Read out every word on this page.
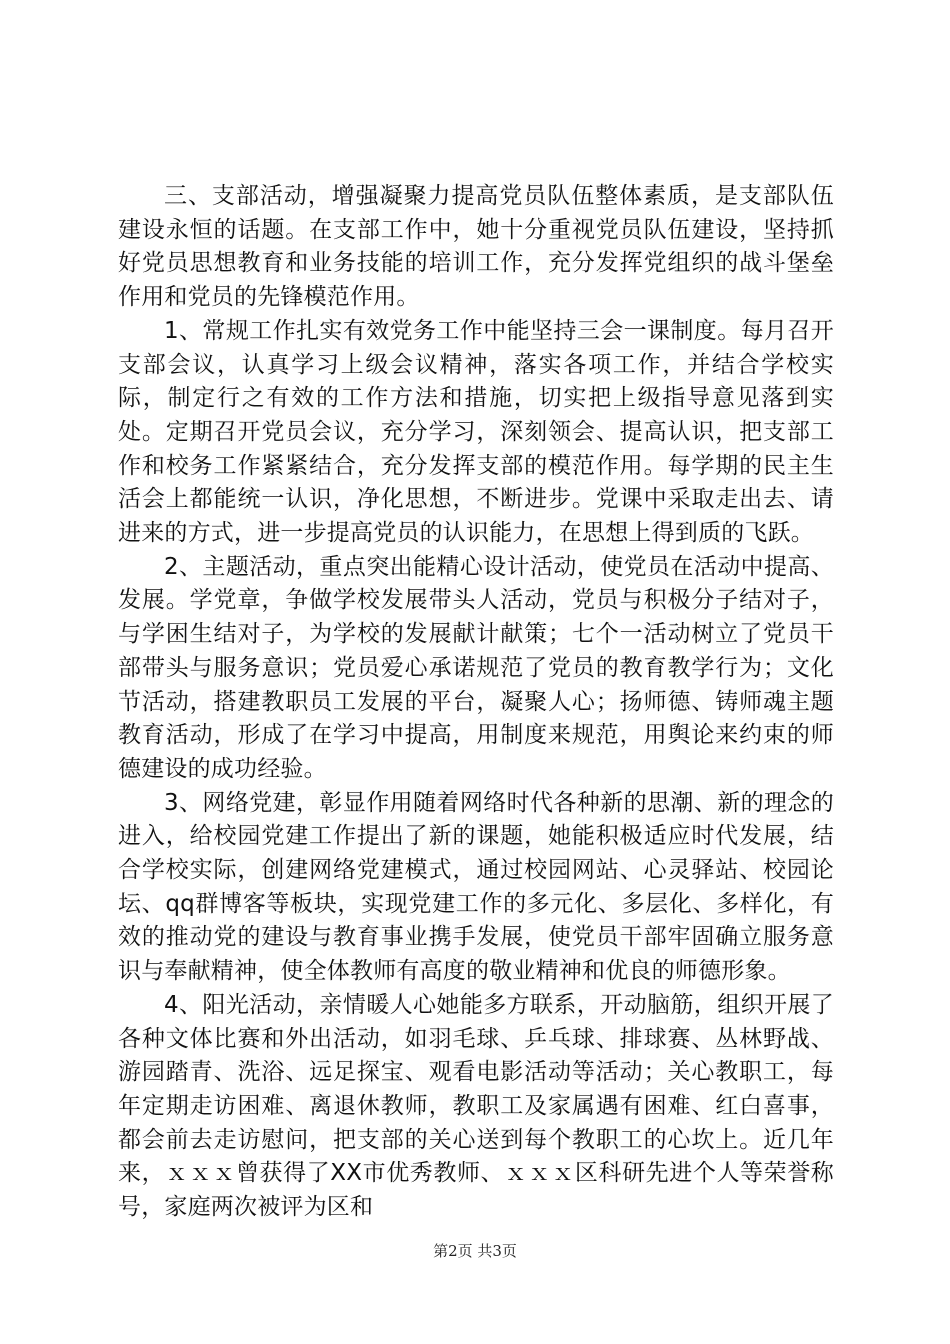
三、支部活动，增强凝聚力提高党员队伍整体素质，是支部队伍建设永恒的话题。在支部工作中，她十分重视党员队伍建设，坚持抓好党员思想教育和业务技能的培训工作，充分发挥党组织的战斗堡垒作用和党员的先锋模范作用。

1、常规工作扎实有效党务工作中能坚持三会一课制度。每月召开支部会议，认真学习上级会议精神，落实各项工作，并结合学校实际，制定行之有效的工作方法和措施，切实把上级指导意见落到实处。定期召开党员会议，充分学习，深刻领会、提高认识，把支部工作和校务工作紧紧结合，充分发挥支部的模范作用。每学期的民主生活会上都能统一认识，净化思想，不断进步。党课中采取走出去、请进来的方式，进一步提高党员的认识能力，在思想上得到质的飞跃。

2、主题活动，重点突出能精心设计活动，使党员在活动中提高、发展。学党章，争做学校发展带头人活动，党员与积极分子结对子，与学困生结对子，为学校的发展献计献策；七个一活动树立了党员干部带头与服务意识；党员爱心承诺规范了党员的教育教学行为；文化节活动，搭建教职员工发展的平台，凝聚人心；扬师德、铸师魂主题教育活动，形成了在学习中提高，用制度来规范，用舆论来约束的师德建设的成功经验。

3、网络党建，彰显作用随着网络时代各种新的思潮、新的理念的进入，给校园党建工作提出了新的课题，她能积极适应时代发展，结合学校实际，创建网络党建模式，通过校园网站、心灵驿站、校园论坛、qq群博客等板块，实现党建工作的多元化、多层化、多样化，有效的推动党的建设与教育事业携手发展，使党员干部牢固确立服务意识与奉献精神，使全体教师有高度的敬业精神和优良的师德形象。

4、阳光活动，亲情暖人心她能多方联系，开动脑筋，组织开展了各种文体比赛和外出活动，如羽毛球、乒乓球、排球赛、丛林野战、游园踏青、洗浴、远足探宝、观看电影活动等活动；关心教职工，每年定期走访困难、离退休教师，教职工及家属遇有困难、红白喜事，都会前去走访慰问，把支部的关心送到每个教职工的心坎上。近几年来，ｘｘｘ曾获得了XX市优秀教师、ｘｘｘ区科研先进个人等荣誉称号，家庭两次被评为区和

第2页 共3页
